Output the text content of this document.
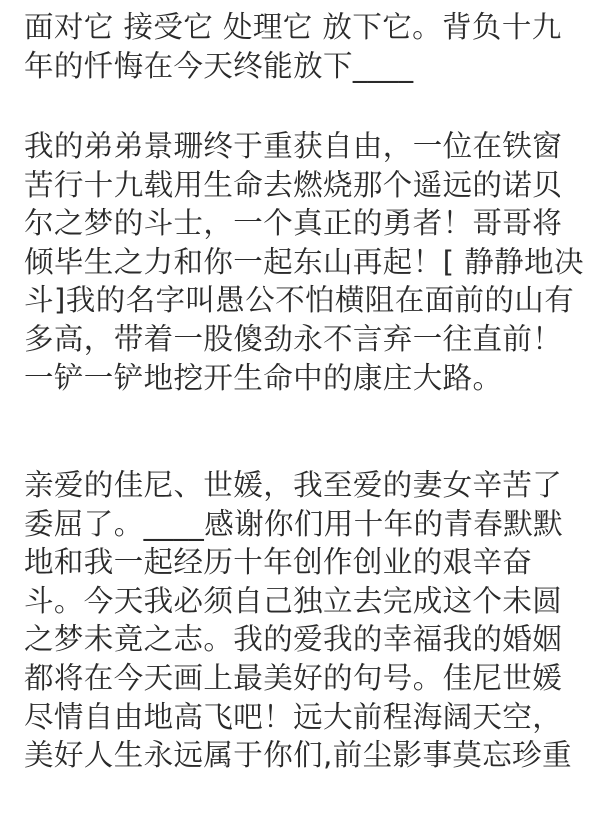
面对它 接受它 处理它 放下它。背负十九
年的忏悔在今天终能放下____
我的弟弟景珊终于重获自由，一位在铁窗
苦行十九载用生命去燃烧那个遥远的诺贝
尔之梦的斗士，一个真正的勇者！哥哥将
倾毕生之力和你一起东山再起！[ 静静地决
斗]我的名字叫愚公不怕横阻在面前的山有
多高，带着一股傻劲永不言弃一往直前！
一铲一铲地挖开生命中的康庄大路。
亲爱的佳尼、世媛，我至爱的妻女辛苦了
委屈了。____感谢你们用十年的青春默默
地和我一起经历十年创作创业的艰辛奋
斗。今天我必须自己独立去完成这个未圆
之梦未竟之志。我的爱我的幸福我的婚姻
都将在今天画上最美好的句号。佳尼世媛
尽情自由地高飞吧！远大前程海阔天空，
美好人生永远属于你们,前尘影事莫忘珍重
